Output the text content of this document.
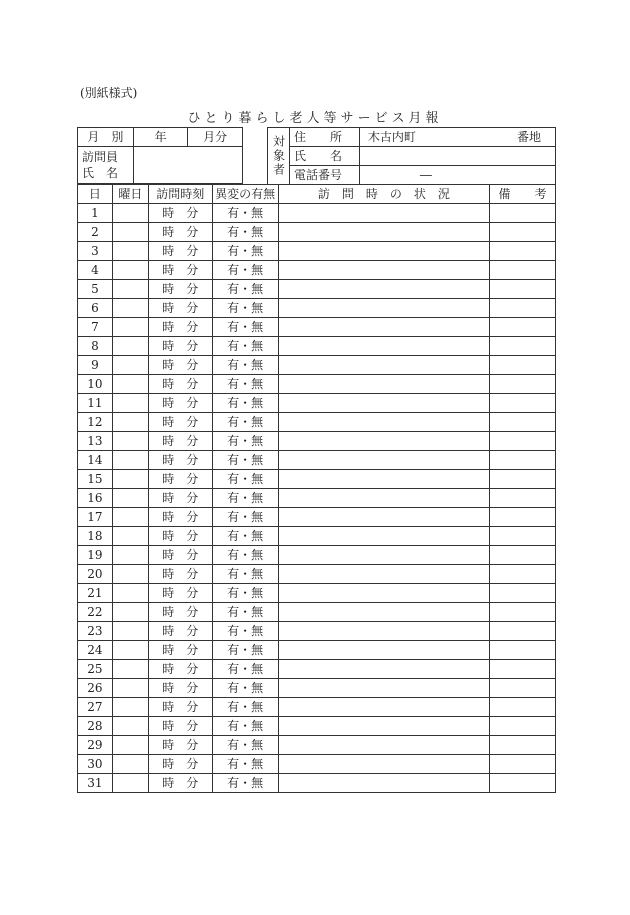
(別紙様式)
ひとり暮らし老人等サービス月報
月　別	年	月分

訪問員
氏　名		
		対象者	住　　所	木古内町 番地

	氏　　名	
	電話番号	―
日	曜日	訪問時刻	異変の有無	訪　問　時　の　状　況	備　　考
1		時　分	有・無		
2		時　分	有・無		
3		時　分	有・無		
4		時　分	有・無		
5		時　分	有・無		
6		時　分	有・無		
7		時　分	有・無		
8		時　分	有・無		
9		時　分	有・無		
10		時　分	有・無		
11		時　分	有・無		
12		時　分	有・無		
13		時　分	有・無		
14		時　分	有・無		
15		時　分	有・無		
16		時　分	有・無		
17		時　分	有・無		
18		時　分	有・無		
19		時　分	有・無		
20		時　分	有・無		
21		時　分	有・無		
22		時　分	有・無		
23		時　分	有・無		
24		時　分	有・無		
25		時　分	有・無		
26		時　分	有・無		
27		時　分	有・無		
28		時　分	有・無		
29		時　分	有・無		
30		時　分	有・無		
31		時　分	有・無		
